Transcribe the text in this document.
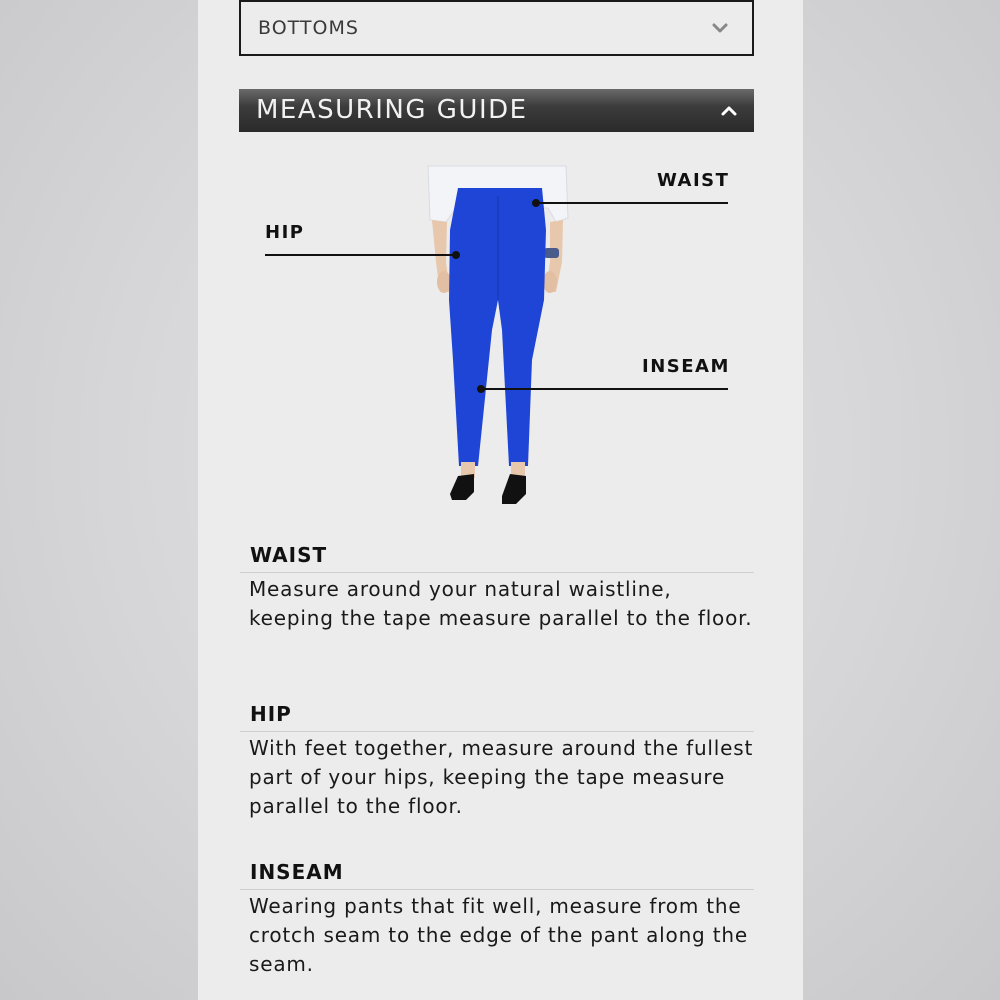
BOTTOMS
MEASURING GUIDE
WAIST
HIP
INSEAM
WAIST
Measure around your natural waistline, keeping the tape measure parallel to the floor.
HIP
With feet together, measure around the fullest part of your hips, keeping the tape measure parallel to the floor.
INSEAM
Wearing pants that fit well, measure from the crotch seam to the edge of the pant along the seam.
